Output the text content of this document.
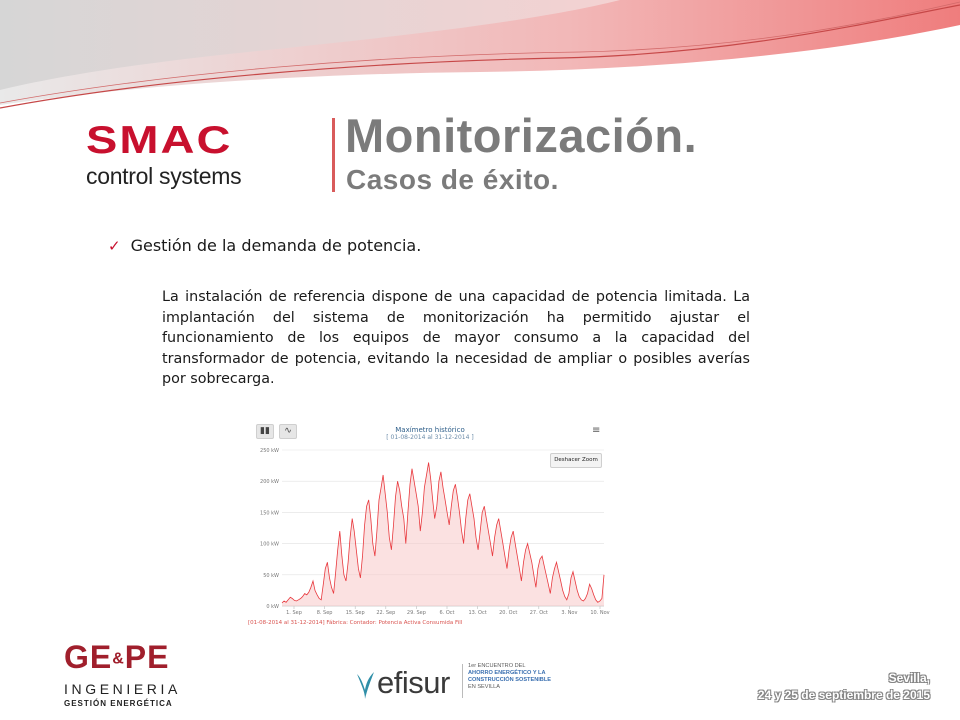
SMAC
control systems
Monitorización.
Casos de éxito.
✓ Gestión de la demanda de potencia.
La instalación de referencia dispone de una capacidad de potencia limitada. La implantación del sistema de monitorización ha permitido ajustar el funcionamiento de los equipos de mayor consumo a la capacidad del transformador de potencia, evitando la necesidad de ampliar o posibles averías por sobrecarga.
250 kW
200 kW
150 kW
100 kW
50 kW
0 kW
1. Sep	8. Sep	15. Sep 22. Sep 29. Sep	6. Oct	13. Oct 20. Oct 27. Oct	3. Nov	10. Nov
▮▮	∿	≡
Maxímetro histórico
[ 01-08-2014 al 31-12-2014 ]
Deshacer Zoom
[01-08-2014 al 31-12-2014] Fábrica: Contador: Potencia Activa Consumida Fill
GE&PE
INGENIERIA
GESTIÓN ENERGÉTICA
efisur	1er ENCUENTRO DEL
AHORRO ENERGÉTICO Y LA
CONSTRUCCIÓN SOSTENIBLE
EN SEVILLA
Sevilla,
24 y 25 de septiembre de 2015
